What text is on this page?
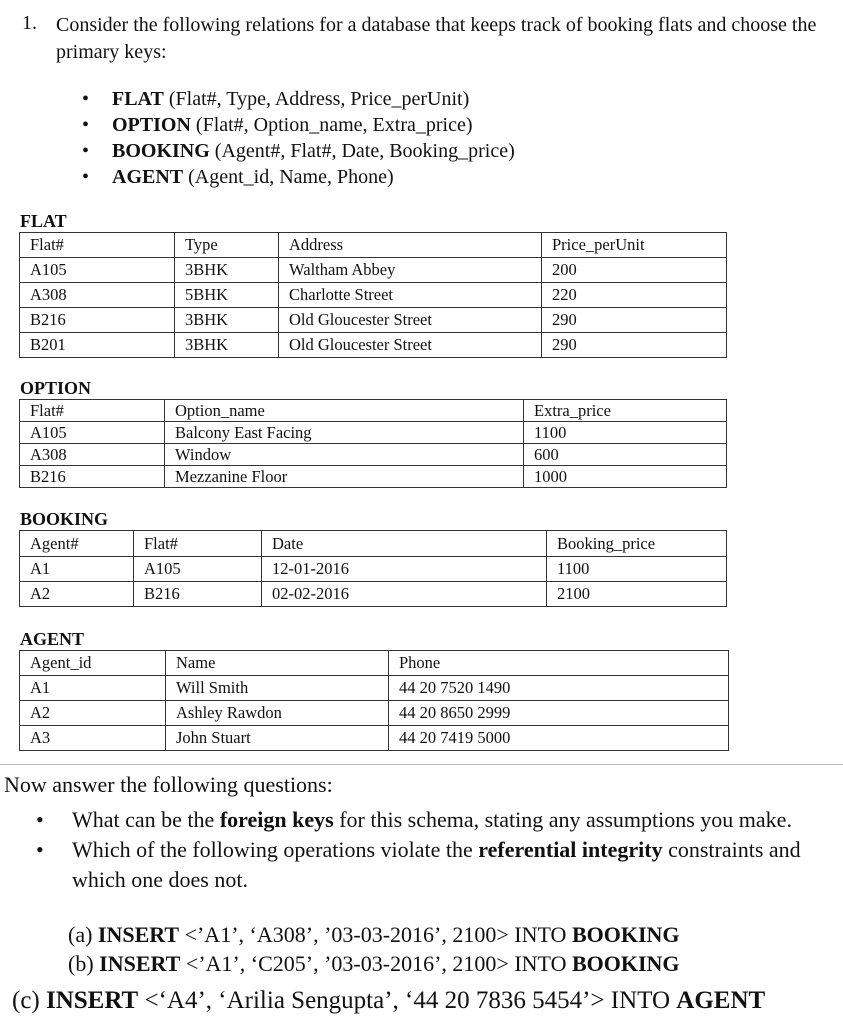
1. Consider the following relations for a database that keeps track of booking flats and choose the primary keys:
• FLAT (Flat#, Type, Address, Price_perUnit)
• OPTION (Flat#, Option_name, Extra_price)
• BOOKING (Agent#, Flat#, Date, Booking_price)
• AGENT (Agent_id, Name, Phone)
FLAT
Flat#	Type	Address	Price_perUnit
A105	3BHK	Waltham Abbey	200
A308	5BHK	Charlotte Street	220
B216	3BHK	Old Gloucester Street	290
B201	3BHK	Old Gloucester Street	290
OPTION
Flat#	Option_name	Extra_price
A105	Balcony East Facing	1100
A308	Window	600
B216	Mezzanine Floor	1000
BOOKING
Agent#	Flat#	Date	Booking_price
A1	A105	12-01-2016	1100
A2	B216	02-02-2016	2100
AGENT
Agent_id	Name	Phone
A1	Will Smith	44 20 7520 1490
A2	Ashley Rawdon	44 20 8650 2999
A3	John Stuart	44 20 7419 5000
Now answer the following questions:
• What can be the foreign keys for this schema, stating any assumptions you make.
• Which of the following operations violate the referential integrity constraints and which one does not.
(a) INSERT <’A1’, ‘A308’, ’03-03-2016’, 2100> INTO BOOKING
(b) INSERT <’A1’, ‘C205’, ’03-03-2016’, 2100> INTO BOOKING
(c) INSERT <‘A4’, ‘Arilia Sengupta’, ‘44 20 7836 5454’> INTO AGENT
